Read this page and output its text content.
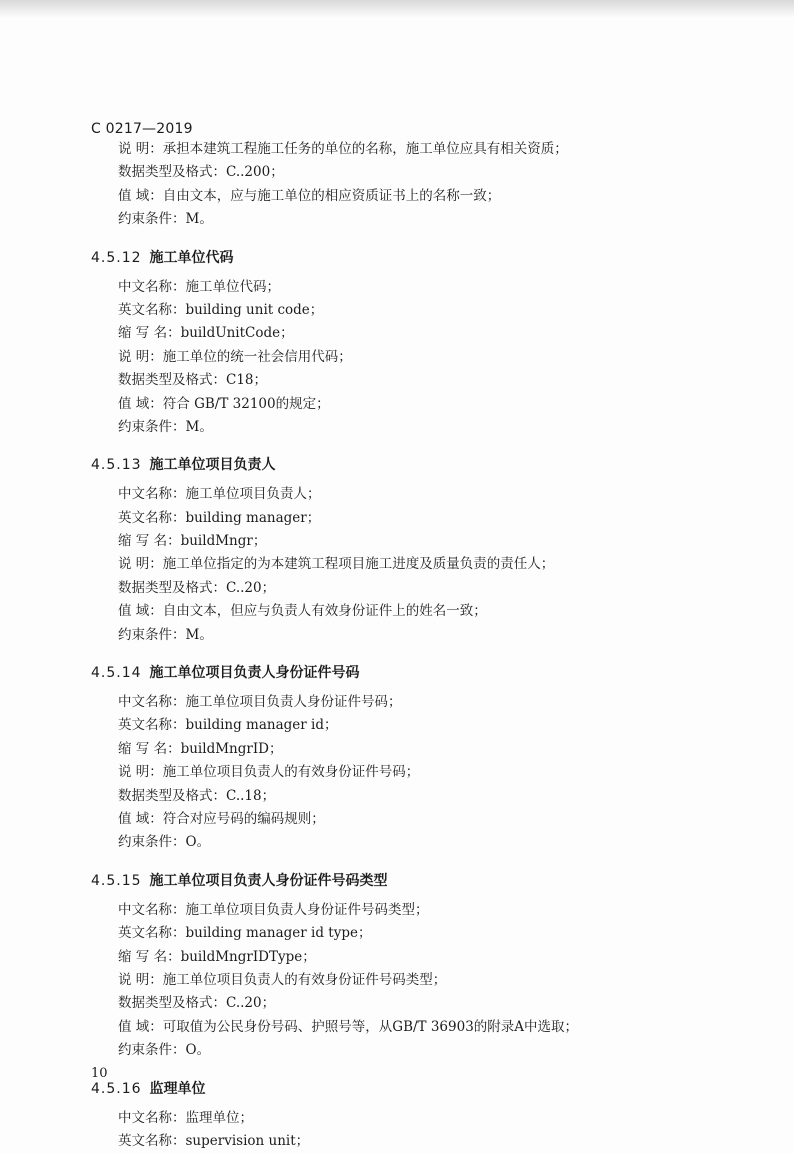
C 0217—2019
说 明：承担本建筑工程施工任务的单位的名称，施工单位应具有相关资质；
数据类型及格式：C..200；
值 域：自由文本，应与施工单位的相应资质证书上的名称一致；
约束条件：M。
4.5.12 施工单位代码
中文名称：施工单位代码；
英文名称：building unit code；
缩 写 名：buildUnitCode；
说 明：施工单位的统一社会信用代码；
数据类型及格式：C18；
值 域：符合 GB/T 32100的规定；
约束条件：M。
4.5.13 施工单位项目负责人
中文名称：施工单位项目负责人；
英文名称：building manager；
缩 写 名：buildMngr；
说 明：施工单位指定的为本建筑工程项目施工进度及质量负责的责任人；
数据类型及格式：C..20；
值 域：自由文本，但应与负责人有效身份证件上的姓名一致；
约束条件：M。
4.5.14 施工单位项目负责人身份证件号码
中文名称：施工单位项目负责人身份证件号码；
英文名称：building manager id；
缩 写 名：buildMngrID；
说 明：施工单位项目负责人的有效身份证件号码；
数据类型及格式：C..18；
值 域：符合对应号码的编码规则；
约束条件：O。
4.5.15 施工单位项目负责人身份证件号码类型
中文名称：施工单位项目负责人身份证件号码类型；
英文名称：building manager id type；
缩 写 名：buildMngrIDType；
说 明：施工单位项目负责人的有效身份证件号码类型；
数据类型及格式：C..20；
值 域：可取值为公民身份号码、护照号等，从GB/T 36903的附录A中选取；
约束条件：O。
4.5.16 监理单位
中文名称：监理单位；
英文名称：supervision unit；
10
